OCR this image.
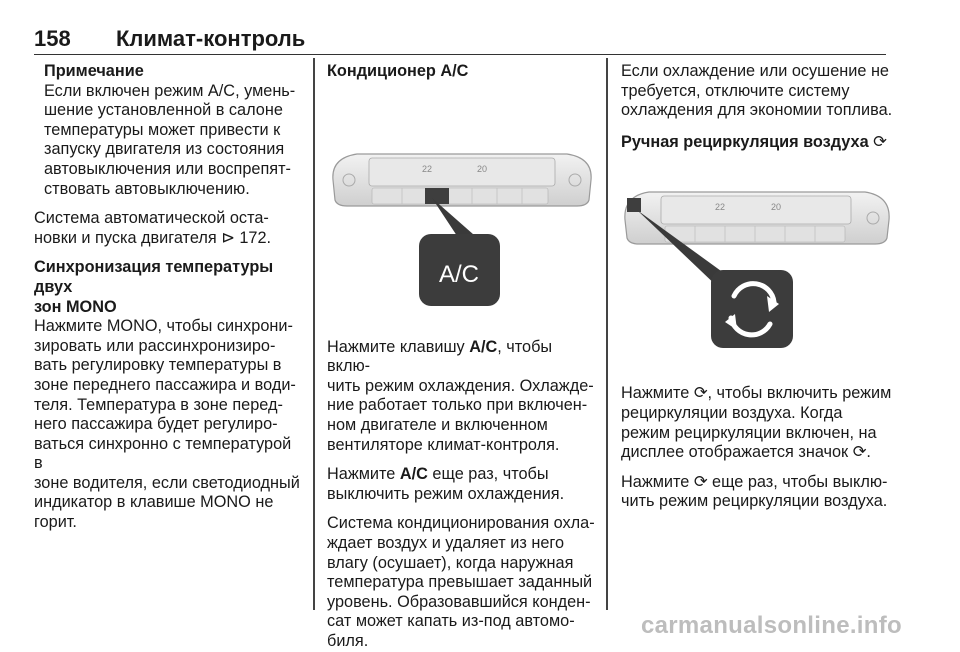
158 Климат-контроль
Примечание
Если включен режим A/C, умень-
шение установленной в салоне
температуры может привести к
запуску двигателя из состояния
автовыключения или воспрепят-
ствовать автовыключению.

Система автоматической оста-
новки и пуска двигателя ⊳ 172.

Синхронизация температуры двух
зон MONO
Нажмите MONO, чтобы синхрони-
зировать или рассинхронизиро-
вать регулировку температуры в
зоне переднего пассажира и води-
теля. Температура в зоне перед-
него пассажира будет регулиро-
ваться синхронно с температурой в
зоне водителя, если светодиодный
индикатор в клавише MONO не
горит.
Кондиционер A/C
22	20
A/C

Нажмите клавишу A/C, чтобы вклю-
чить режим охлаждения. Охлажде-
ние работает только при включен-
ном двигателе и включенном
вентиляторе климат-контроля.

Нажмите A/C еще раз, чтобы
выключить режим охлаждения.

Система кондиционирования охла-
ждает воздух и удаляет из него
влагу (осушает), когда наружная
температура превышает заданный
уровень. Образовавшийся конден-
сат может капать из-под автомо-
биля.

Если охлаждение или осушение не
требуется, отключите систему
охлаждения для экономии топлива.

Ручная рециркуляция воздуха ⟳
22	20
Нажмите ⟳, чтобы включить режим
рециркуляции воздуха. Когда
режим рециркуляции включен, на
дисплее отображается значок ⟳.
Нажмите ⟳ еще раз, чтобы выклю-
чить режим рециркуляции воздуха.
carmanualsonline.info
